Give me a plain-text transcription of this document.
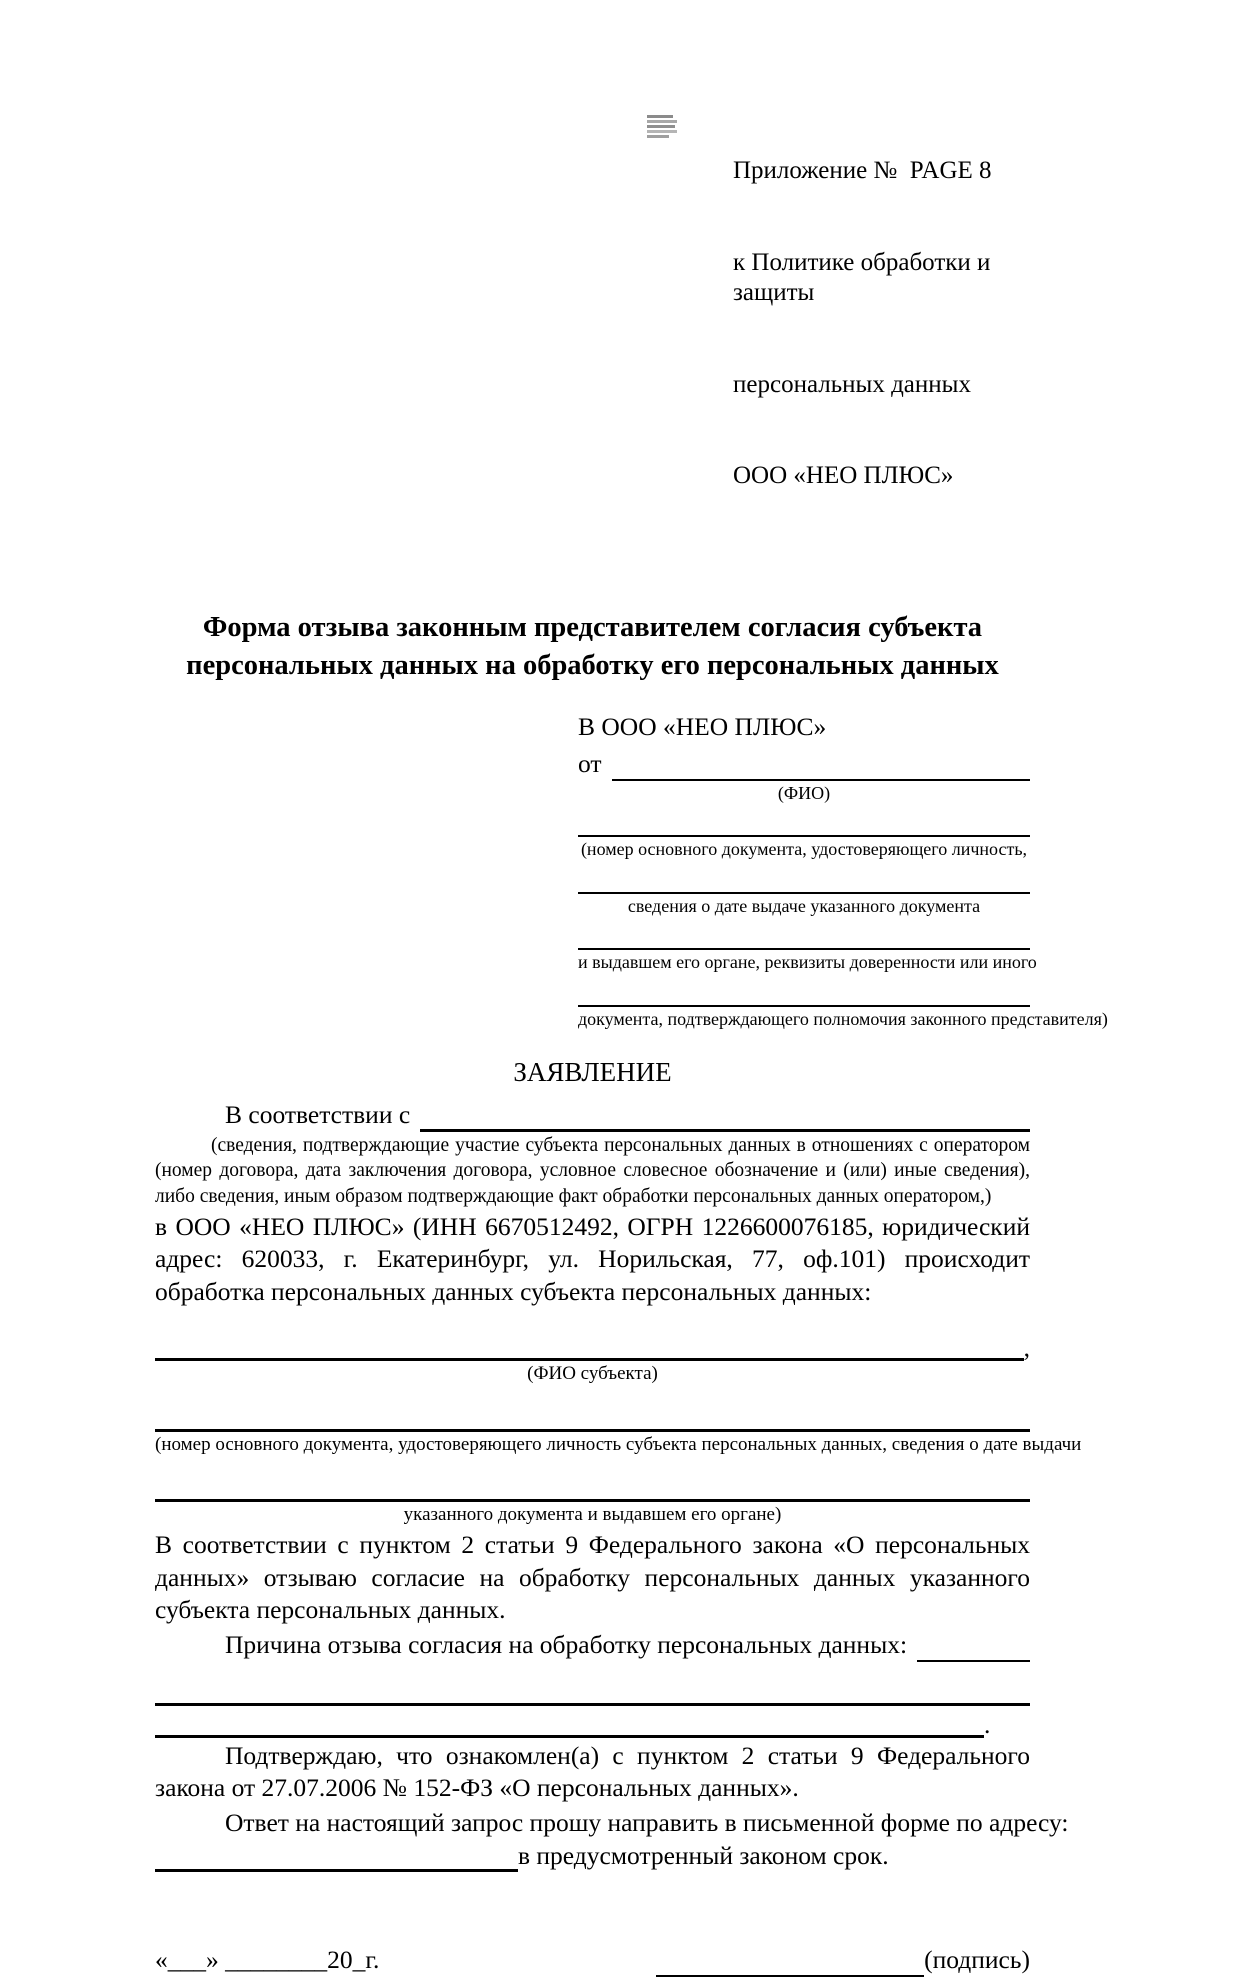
Приложение №  PAGE 8

к Политике обработки и защиты

персональных данных

ООО «НЕО ПЛЮС»

Форма отзыва законным представителем согласия субъекта
персональных данных на обработку его персональных данных
В ООО «НЕО ПЛЮС»
от
(ФИО)
(номер основного документа, удостоверяющего личность,
сведения о дате выдаче указанного документа
и выдавшем его органе, реквизиты доверенности или иного
документа, подтверждающего полномочия законного представителя)
ЗАЯВЛЕНИЕ
В соответствии с
(сведения, подтверждающие участие субъекта персональных данных в отношениях с оператором (номер договора, дата заключения договора, условное словесное обозначение и (или) иные сведения), либо сведения, иным образом подтверждающие факт обработки персональных данных оператором,)
в ООО «НЕО ПЛЮС» (ИНН 6670512492, ОГРН 1226600076185, юридический адрес: 620033, г. Екатеринбург, ул. Норильская, 77, оф.101) происходит обработка персональных данных субъекта персональных данных:
,
(ФИО субъекта)
(номер основного документа, удостоверяющего личность субъекта персональных данных, сведения о дате выдачи
указанного документа и выдавшем его органе)
В соответствии с пунктом 2 статьи 9 Федерального закона «О персональных данных» отзываю согласие на обработку персональных данных указанного субъекта персональных данных.
Причина отзыва согласия на обработку персональных данных:
.
Подтверждаю, что ознакомлен(а) с пунктом 2 статьи 9 Федерального закона от 27.07.2006 № 152-ФЗ «О персональных данных».
Ответ на настоящий запрос прошу направить в письменной форме по адресу:
в предусмотренный законом срок.
«___» ________20_г.	(подпись)
